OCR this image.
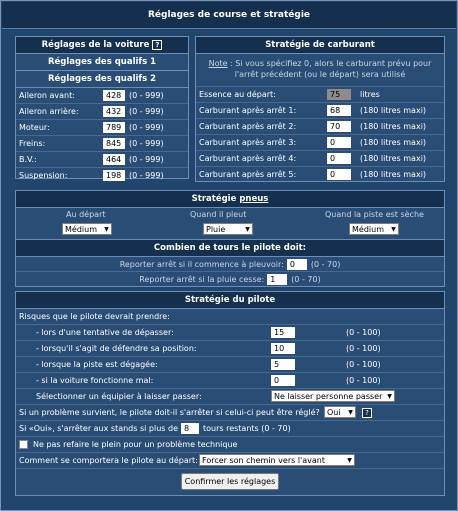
Réglages de course et stratégie
Réglages de la voiture ?
Réglages des qualifs 1
Réglages des qualifs 2
Aileron avant:
428	(0 - 999)
Aileron arrière:
432	(0 - 999)
Moteur:
789	(0 - 999)
Freins:
845	(0 - 999)
B.V.:
464	(0 - 999)
Suspension:
198	(0 - 999)
Stratégie de carburant
Note : Si vous spécifiez 0, alors le carburant prévu pour l'arrêt précédent (ou le départ) sera utilisé
Essence au départ:
75	litres
Carburant après arrêt 1:
68	(180 litres maxi)
Carburant après arrêt 2:
70	(180 litres maxi)
Carburant après arrêt 3:
0	(180 litres maxi)
Carburant après arrêt 4:
0	(180 litres maxi)
Carburant après arrêt 5:
0	(180 litres maxi)
Stratégie
pneus
Au départ
Médium	▼
Quand il pleut
Pluie	▼
Quand la piste est sèche
Médium	▼
Combien de tours le pilote doit:
Reporter arrêt si il commence à pleuvoir:
0	(0 - 70)
Reporter arrêt si la pluie cesse:
1	(0 - 70)
Stratégie du pilote
Risques que le pilote devrait prendre:
- lors d'une tentative de dépasser:
15	(0 - 100)
- lorsqu'il s'agit de défendre sa position:
10	(0 - 100)
- lorsque la piste est dégagée:
5	(0 - 100)
- si la voiture fonctionne mal:
0	(0 - 100)
Sélectionner un équipier à laisser passer:	Ne laisser personne passer ▼
Si un problème survient, le pilote doit-il s'arrêter si celui-ci peut être réglé? Oui	▼	?
Si «Oui», s'arrêter aux stands si plus de
8	tours restants (0 - 70)
Ne pas refaire le plein pour un problème technique
Comment se comportera le pilote au départ: Forcer son chemin vers l'avant	▼
Confirmer les réglages
